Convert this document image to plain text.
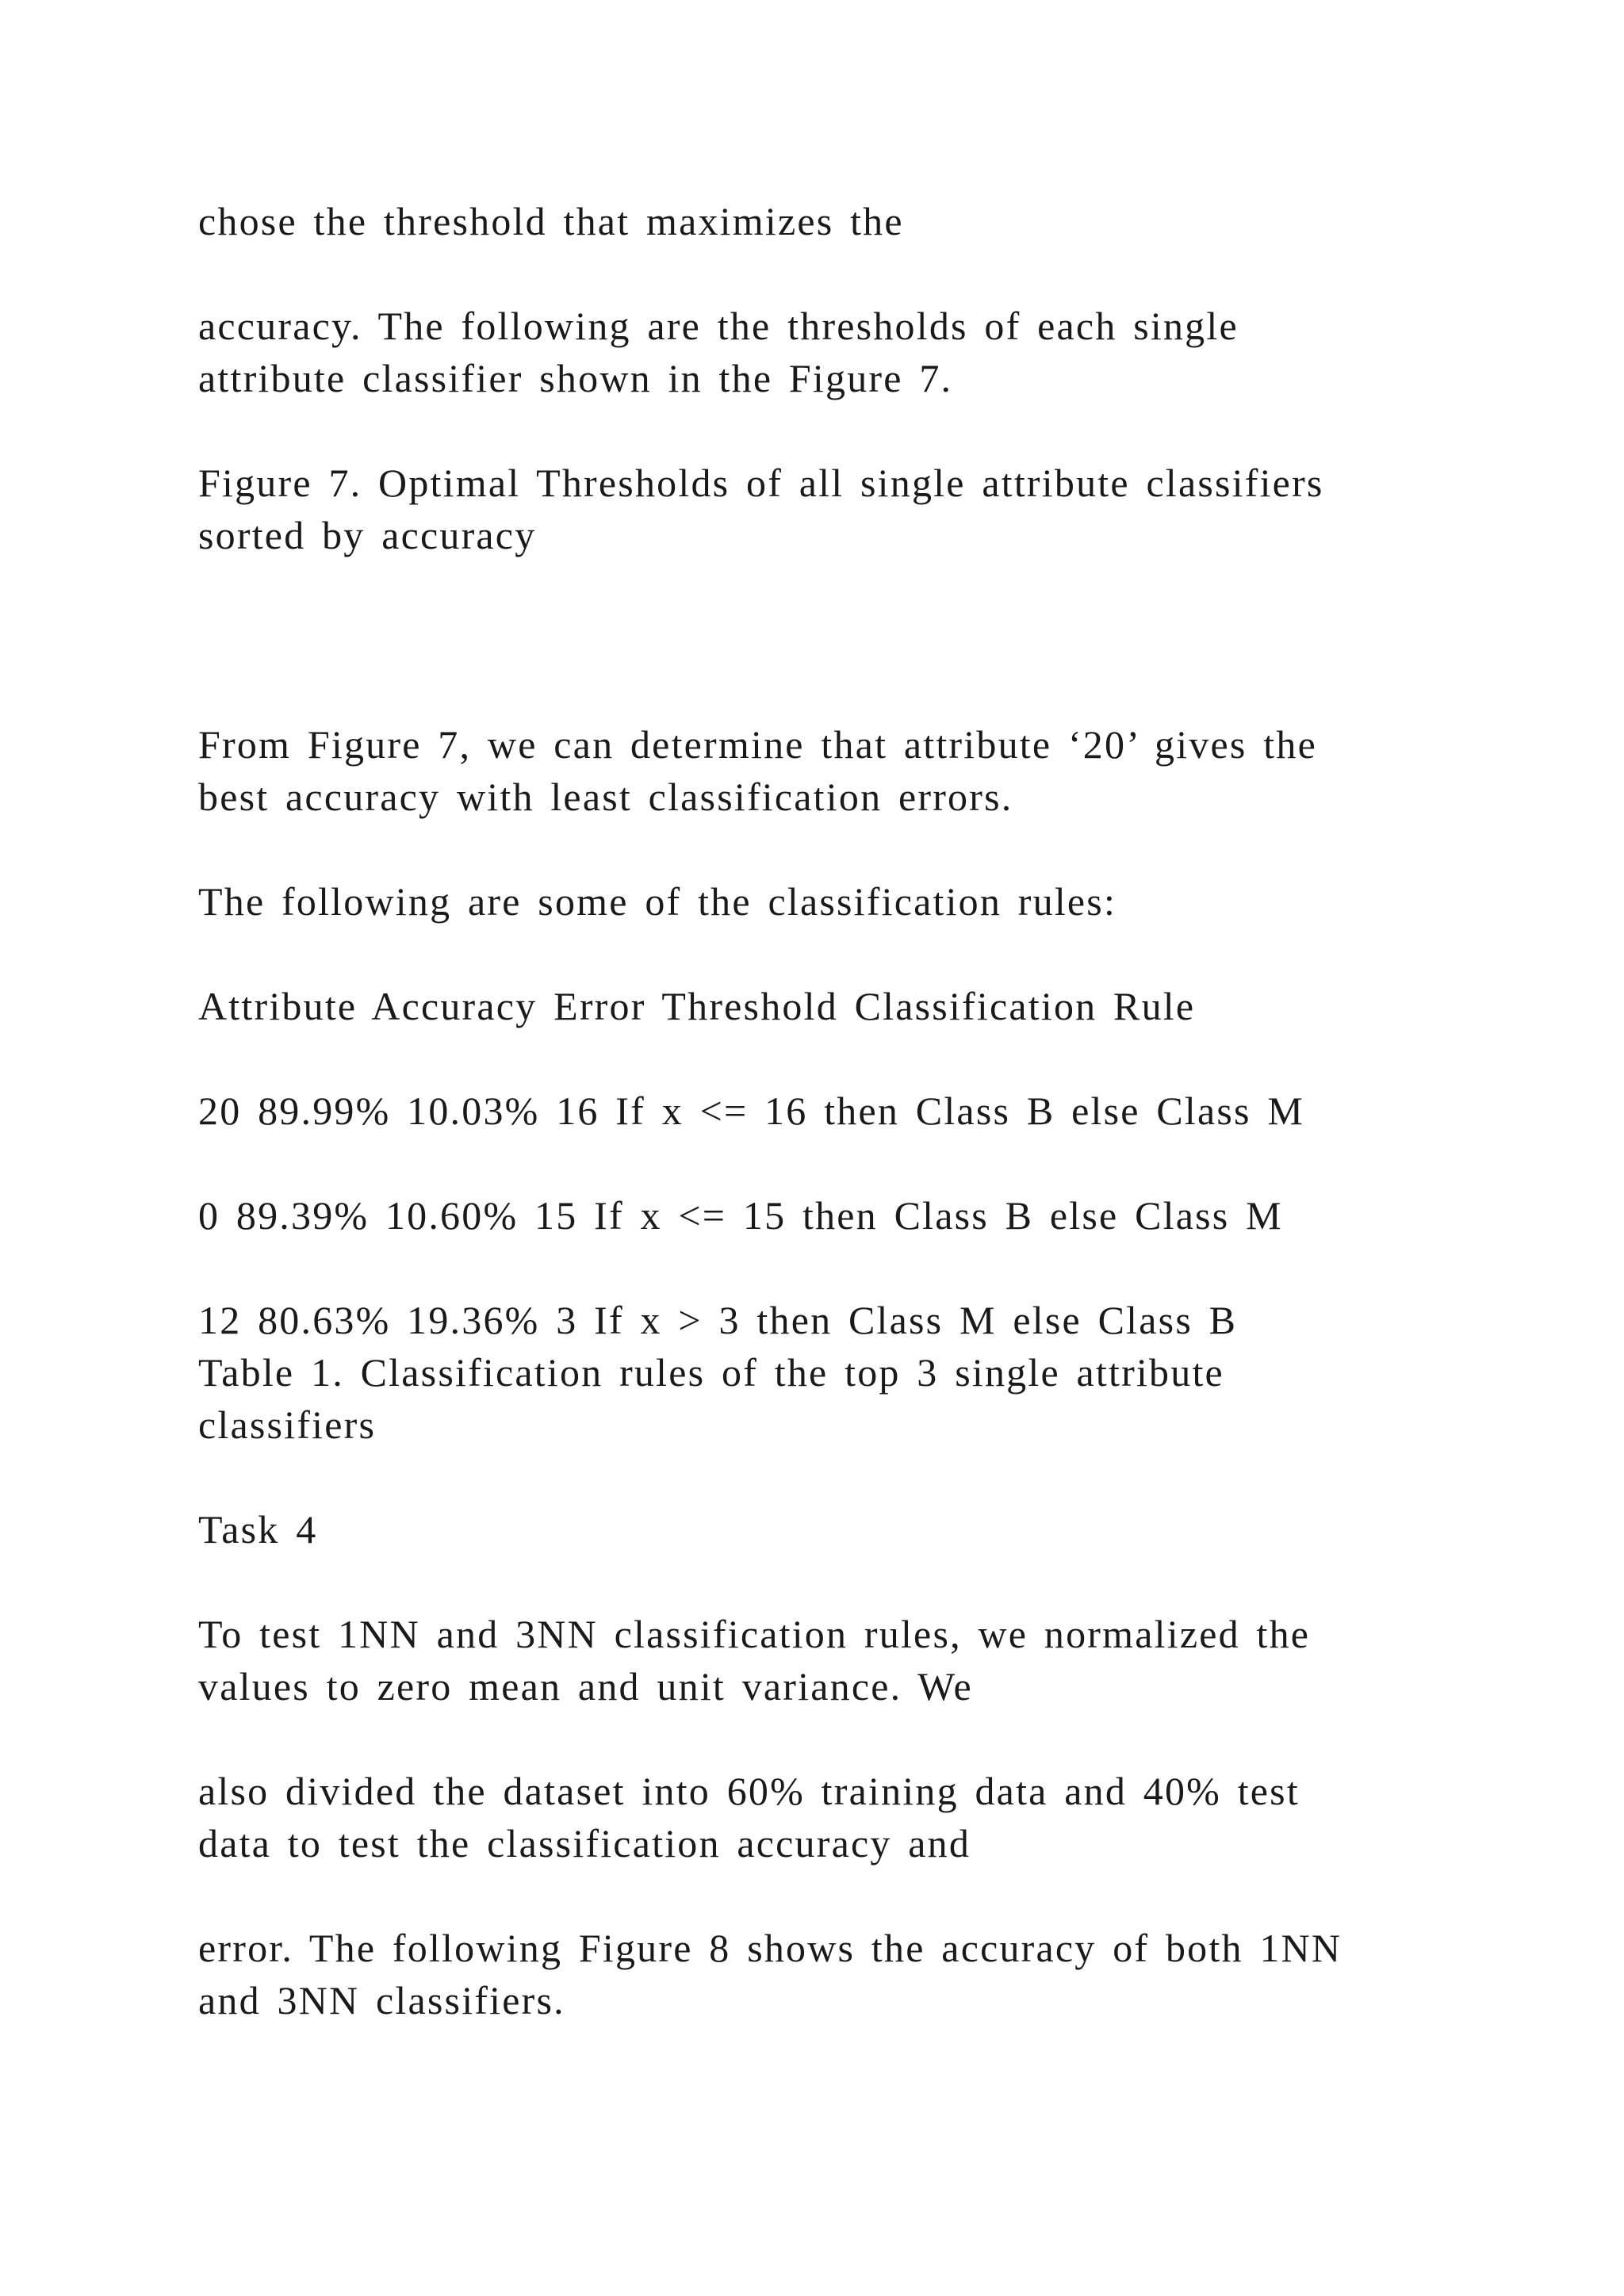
chose the threshold that maximizes the
accuracy. The following are the thresholds of each single
attribute classifier shown in the Figure 7.
Figure 7. Optimal Thresholds of all single attribute classifiers
sorted by accuracy
From Figure 7, we can determine that attribute ‘20’ gives the
best accuracy with least classification errors.
The following are some of the classification rules:
Attribute Accuracy Error Threshold Classification Rule
20 89.99% 10.03% 16 If x <= 16 then Class B else Class M
0 89.39% 10.60% 15 If x <= 15 then Class B else Class M
12 80.63% 19.36% 3 If x > 3 then Class M else Class B
Table 1. Classification rules of the top 3 single attribute
classifiers
Task 4
To test 1NN and 3NN classification rules, we normalized the
values to zero mean and unit variance. We
also divided the dataset into 60% training data and 40% test
data to test the classification accuracy and
error. The following Figure 8 shows the accuracy of both 1NN
and 3NN classifiers.
